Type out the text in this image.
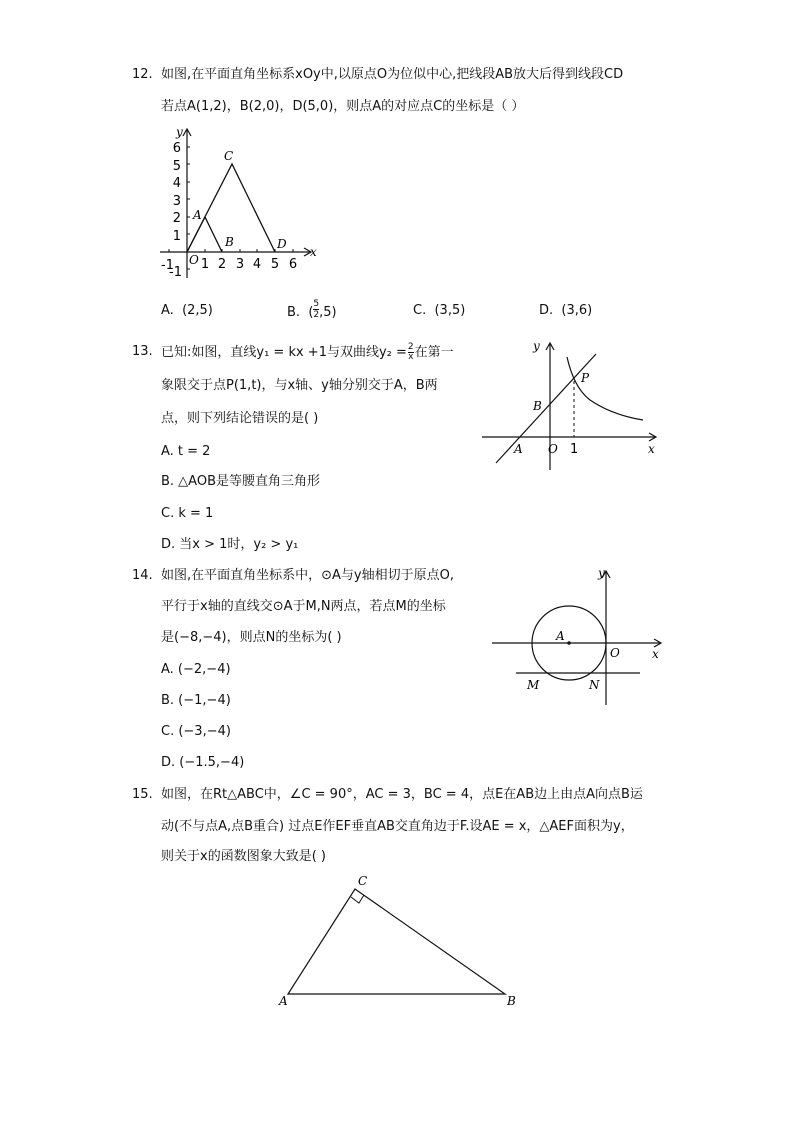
12. 如图,在平面直角坐标系xOy中,以原点O为位似中心,把线段AB放大后得到线段CD
若点A(1,2)，B(2,0)，D(5,0)，则点A的对应点C的坐标是（ ）
-1 1 2 3 4 5 6
1
2
3
4
5
6
-1
y
x
O
A
B
C
D
A. (2,5)	B. ( $\frac{5}{2} ,5$)	C. (3,5)	D. (3,6)
13. 已知:如图，直线y₁ = kx +1与双曲线$y_2 = \frac{2}{x}$ 在第一
象限交于点P(1,t)，与x轴、y轴分别交于A，B两
点，则下列结论错误的是( )
A. t = 2
B. △AOB是等腰直角三角形
C. k = 1
D. 当x > 1时，y₂ > y₁
y
x
P
B
A O 1
14. 如图,在平面直角坐标系中，⊙A与y轴相切于原点O,
平行于x轴的直线交⊙A于M,N两点，若点M的坐标
是(−8,−4)，则点N的坐标为( )
A. (−2,−4)
B. (−1,−4)
C. (−3,−4)
D. (−1.5,−4)
y
x
A
O
M	N
15. 如图，在Rt△ABC中，∠C = 90°，AC = 3，BC = 4，点E在AB边上由点A向点B运
动(不与点A,点B重合) 过点E作EF垂直AB交直角边于F.设AE = x，△AEF面积为y，
则关于x的函数图象大致是( )
A	B
C
